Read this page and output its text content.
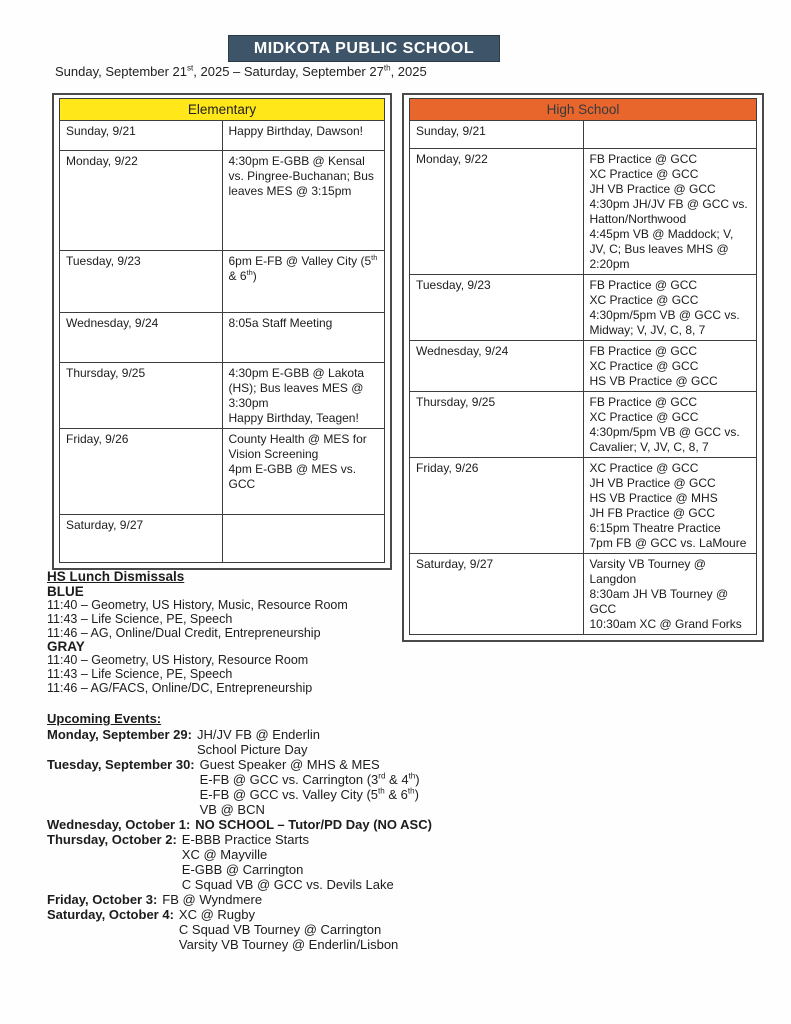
MIDKOTA PUBLIC SCHOOL
Sunday, September 21st, 2025 – Saturday, September 27th, 2025
Elementary	
Sunday, 9/21	Happy Birthday, Dawson!

Monday, 9/22	4:30pm E-GBB @ Kensal vs. Pingree-Buchanan; Bus leaves MES @ 3:15pm

Tuesday, 9/23	6pm E-FB @ Valley City (5th & 6th)

Wednesday, 9/24	8:05a Staff Meeting

Thursday, 9/25	4:30pm E-GBB @ Lakota (HS); Bus leaves MES @ 3:30pm
Happy Birthday, Teagen!

Friday, 9/26	County Health @ MES for Vision Screening
4pm E-GBB @ MES vs. GCC

Saturday, 9/27	
High School	
Sunday, 9/21	
Monday, 9/22	FB Practice @ GCC
XC Practice @ GCC
JH VB Practice @ GCC
4:30pm JH/JV FB @ GCC vs. Hatton/Northwood
4:45pm VB @ Maddock; V, JV, C; Bus leaves MHS @ 2:20pm

Tuesday, 9/23	FB Practice @ GCC
XC Practice @ GCC
4:30pm/5pm VB @ GCC vs. Midway; V, JV, C, 8, 7

Wednesday, 9/24	FB Practice @ GCC
XC Practice @ GCC
HS VB Practice @ GCC

Thursday, 9/25	FB Practice @ GCC
XC Practice @ GCC
4:30pm/5pm VB @ GCC vs. Cavalier; V, JV, C, 8, 7

Friday, 9/26	XC Practice @ GCC
JH VB Practice @ GCC
HS VB Practice @ MHS
JH FB Practice @ GCC
6:15pm Theatre Practice
7pm FB @ GCC vs. LaMoure

Saturday, 9/27	Varsity VB Tourney @ Langdon
8:30am JH VB Tourney @ GCC
10:30am XC @ Grand Forks
HS Lunch Dismissals
BLUE
11:40 – Geometry, US History, Music, Resource Room
11:43 – Life Science, PE, Speech
11:46 – AG, Online/Dual Credit, Entrepreneurship
GRAY
11:40 – Geometry, US History, Resource Room
11:43 – Life Science, PE, Speech
11:46 – AG/FACS, Online/DC, Entrepreneurship
Upcoming Events:
Monday, September 29: JH/JV FB @ Enderlin
School Picture Day
Tuesday, September 30: Guest Speaker @ MHS & MES
E-FB @ GCC vs. Carrington (3rd & 4th)
E-FB @ GCC vs. Valley City (5th & 6th)
VB @ BCN
Wednesday, October 1: NO SCHOOL – Tutor/PD Day (NO ASC)
Thursday, October 2: E-BBB Practice Starts
XC @ Mayville
E-GBB @ Carrington
C Squad VB @ GCC vs. Devils Lake
Friday, October 3: FB @ Wyndmere
Saturday, October 4: XC @ Rugby
C Squad VB Tourney @ Carrington
Varsity VB Tourney @ Enderlin/Lisbon
